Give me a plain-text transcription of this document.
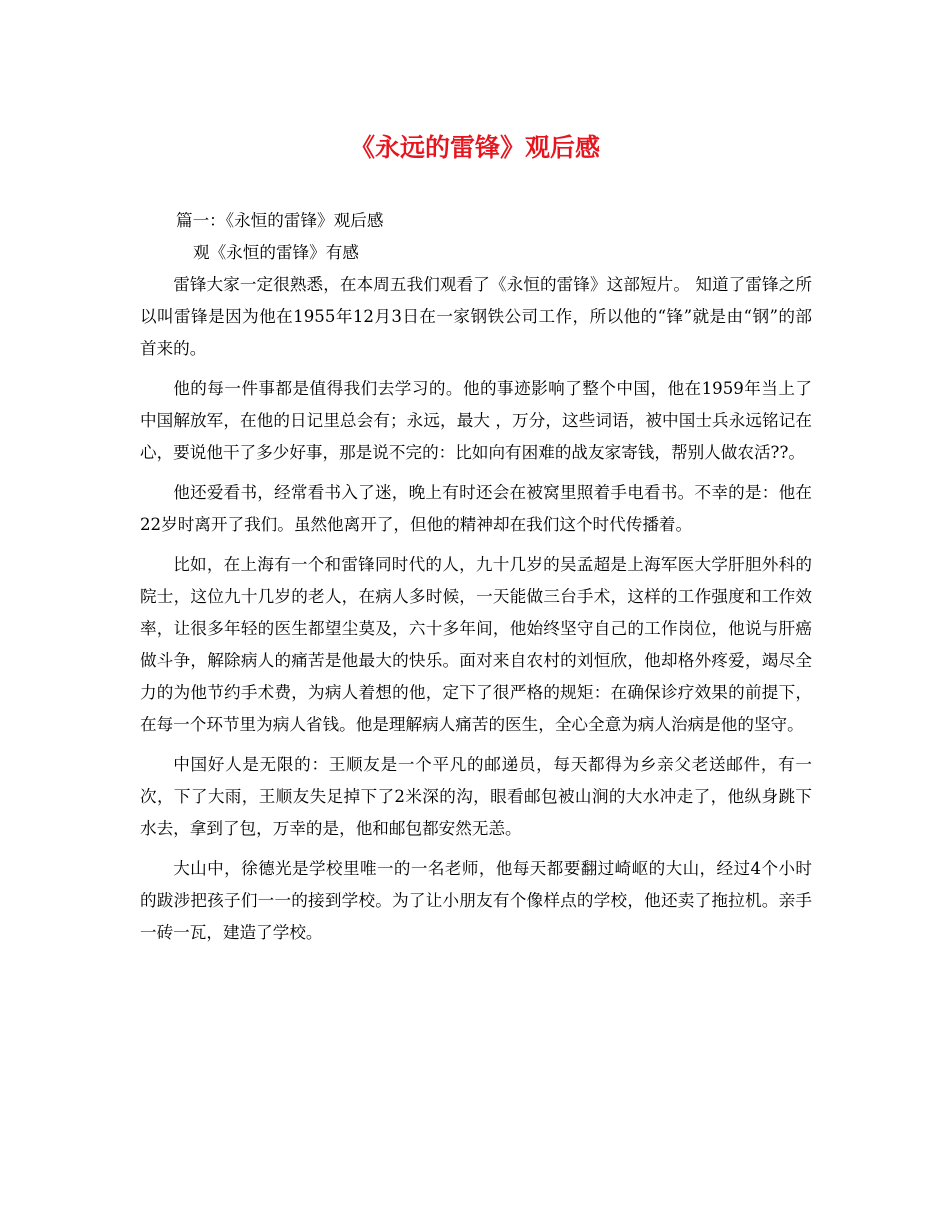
《永远的雷锋》观后感

篇一：《永恒的雷锋》观后感

观《永恒的雷锋》有感

雷锋大家一定很熟悉，在本周五我们观看了《永恒的雷锋》这部短片。 知道了雷锋之所以叫雷锋是因为他在1955年12月3日在一家钢铁公司工作，所以他的“锋”就是由“钢”的部首来的。

他的每一件事都是值得我们去学习的。他的事迹影响了整个中国，他在1959年当上了中国解放军，在他的日记里总会有；永远，最大 ，万分，这些词语，被中国士兵永远铭记在心，要说他干了多少好事，那是说不完的：比如向有困难的战友家寄钱，帮别人做农活??。

他还爱看书，经常看书入了迷，晚上有时还会在被窝里照着手电看书。不幸的是：他在22岁时离开了我们。虽然他离开了，但他的精神却在我们这个时代传播着。

比如，在上海有一个和雷锋同时代的人，九十几岁的吴孟超是上海军医大学肝胆外科的院士，这位九十几岁的老人，在病人多时候，一天能做三台手术，这样的工作强度和工作效率，让很多年轻的医生都望尘莫及，六十多年间，他始终坚守自己的工作岗位，他说与肝癌做斗争，解除病人的痛苦是他最大的快乐。面对来自农村的刘恒欣，他却格外疼爱，竭尽全力的为他节约手术费，为病人着想的他，定下了很严格的规矩：在确保诊疗效果的前提下，在每一个环节里为病人省钱。他是理解病人痛苦的医生，全心全意为病人治病是他的坚守。

中国好人是无限的：王顺友是一个平凡的邮递员，每天都得为乡亲父老送邮件，有一次，下了大雨，王顺友失足掉下了2米深的沟，眼看邮包被山涧的大水冲走了，他纵身跳下水去，拿到了包，万幸的是，他和邮包都安然无恙。

大山中，徐德光是学校里唯一的一名老师，他每天都要翻过崎岖的大山，经过4个小时的跋涉把孩子们一一的接到学校。为了让小朋友有个像样点的学校，他还卖了拖拉机。亲手一砖一瓦，建造了学校。
